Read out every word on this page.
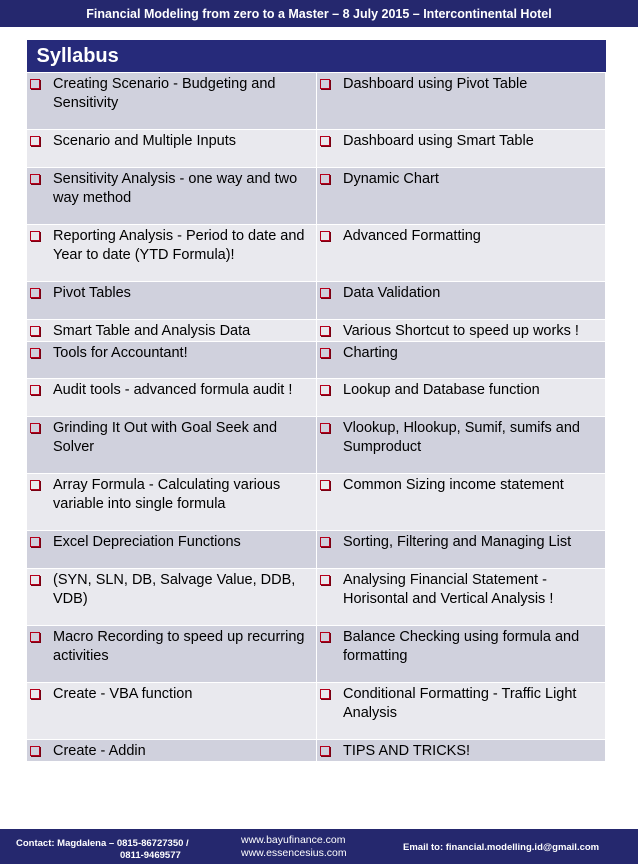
Financial Modeling from zero to a Master – 8 July 2015 – Intercontinental Hotel
Syllabus	

Creating Scenario - Budgeting and Sensitivity	Dashboard using Pivot Table

Scenario and Multiple Inputs	Dashboard using Smart Table

Sensitivity Analysis - one way and two way method	Dynamic Chart

Reporting Analysis - Period to date and Year to date (YTD Formula)!	Advanced Formatting

Pivot Tables	Data Validation

Smart Table and Analysis Data	Various Shortcut to speed up works !

Tools for Accountant!	Charting

Audit tools - advanced formula audit !	Lookup and Database function

Grinding It Out with Goal Seek and Solver	Vlookup, Hlookup, Sumif, sumifs and Sumproduct

Array Formula - Calculating various variable into single formula	Common Sizing income statement

Excel Depreciation Functions	Sorting, Filtering and Managing List

(SYN, SLN, DB, Salvage Value, DDB, VDB)	Analysing Financial Statement - Horisontal and Vertical Analysis !

Macro Recording to speed up recurring activities	Balance Checking using formula and formatting

Create - VBA function	Conditional Formatting - Traffic Light Analysis

Create - Addin	TIPS AND TRICKS!
Contact: Magdalena – 0815-86727350 /
0811-9469577
www.bayufinance.com
www.essencesius.com	Email to: financial.modelling.id@gmail.com
